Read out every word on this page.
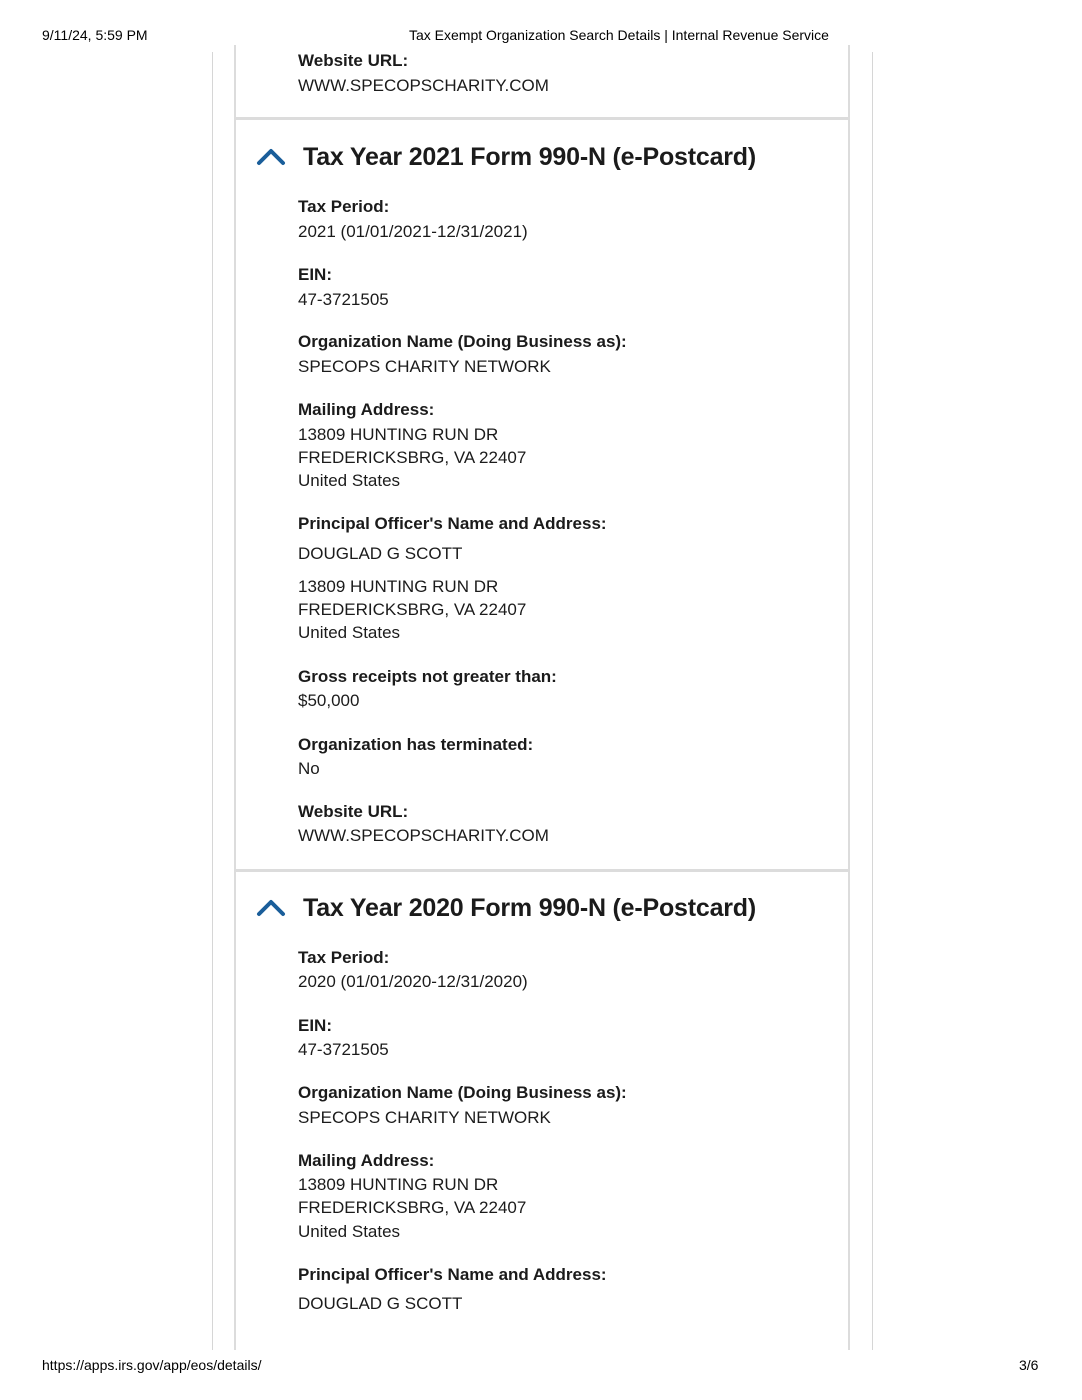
9/11/24, 5:59 PM	Tax Exempt Organization Search Details | Internal Revenue Service
Website URL:
WWW.SPECOPSCHARITY.COM
Tax Year 2021 Form 990-N (e-Postcard)
Tax Period:
2021 (01/01/2021-12/31/2021)
EIN:
47-3721505
Organization Name (Doing Business as):
SPECOPS CHARITY NETWORK
Mailing Address:
13809 HUNTING RUN DR
FREDERICKSBRG, VA 22407
United States
Principal Officer's Name and Address:
DOUGLAD G SCOTT
13809 HUNTING RUN DR
FREDERICKSBRG, VA 22407
United States
Gross receipts not greater than:
$50,000
Organization has terminated:
No
Website URL:
WWW.SPECOPSCHARITY.COM
Tax Year 2020 Form 990-N (e-Postcard)
Tax Period:
2020 (01/01/2020-12/31/2020)
EIN:
47-3721505
Organization Name (Doing Business as):
SPECOPS CHARITY NETWORK
Mailing Address:
13809 HUNTING RUN DR
FREDERICKSBRG, VA 22407
United States
Principal Officer's Name and Address:
DOUGLAD G SCOTT
https://apps.irs.gov/app/eos/details/	3/6
